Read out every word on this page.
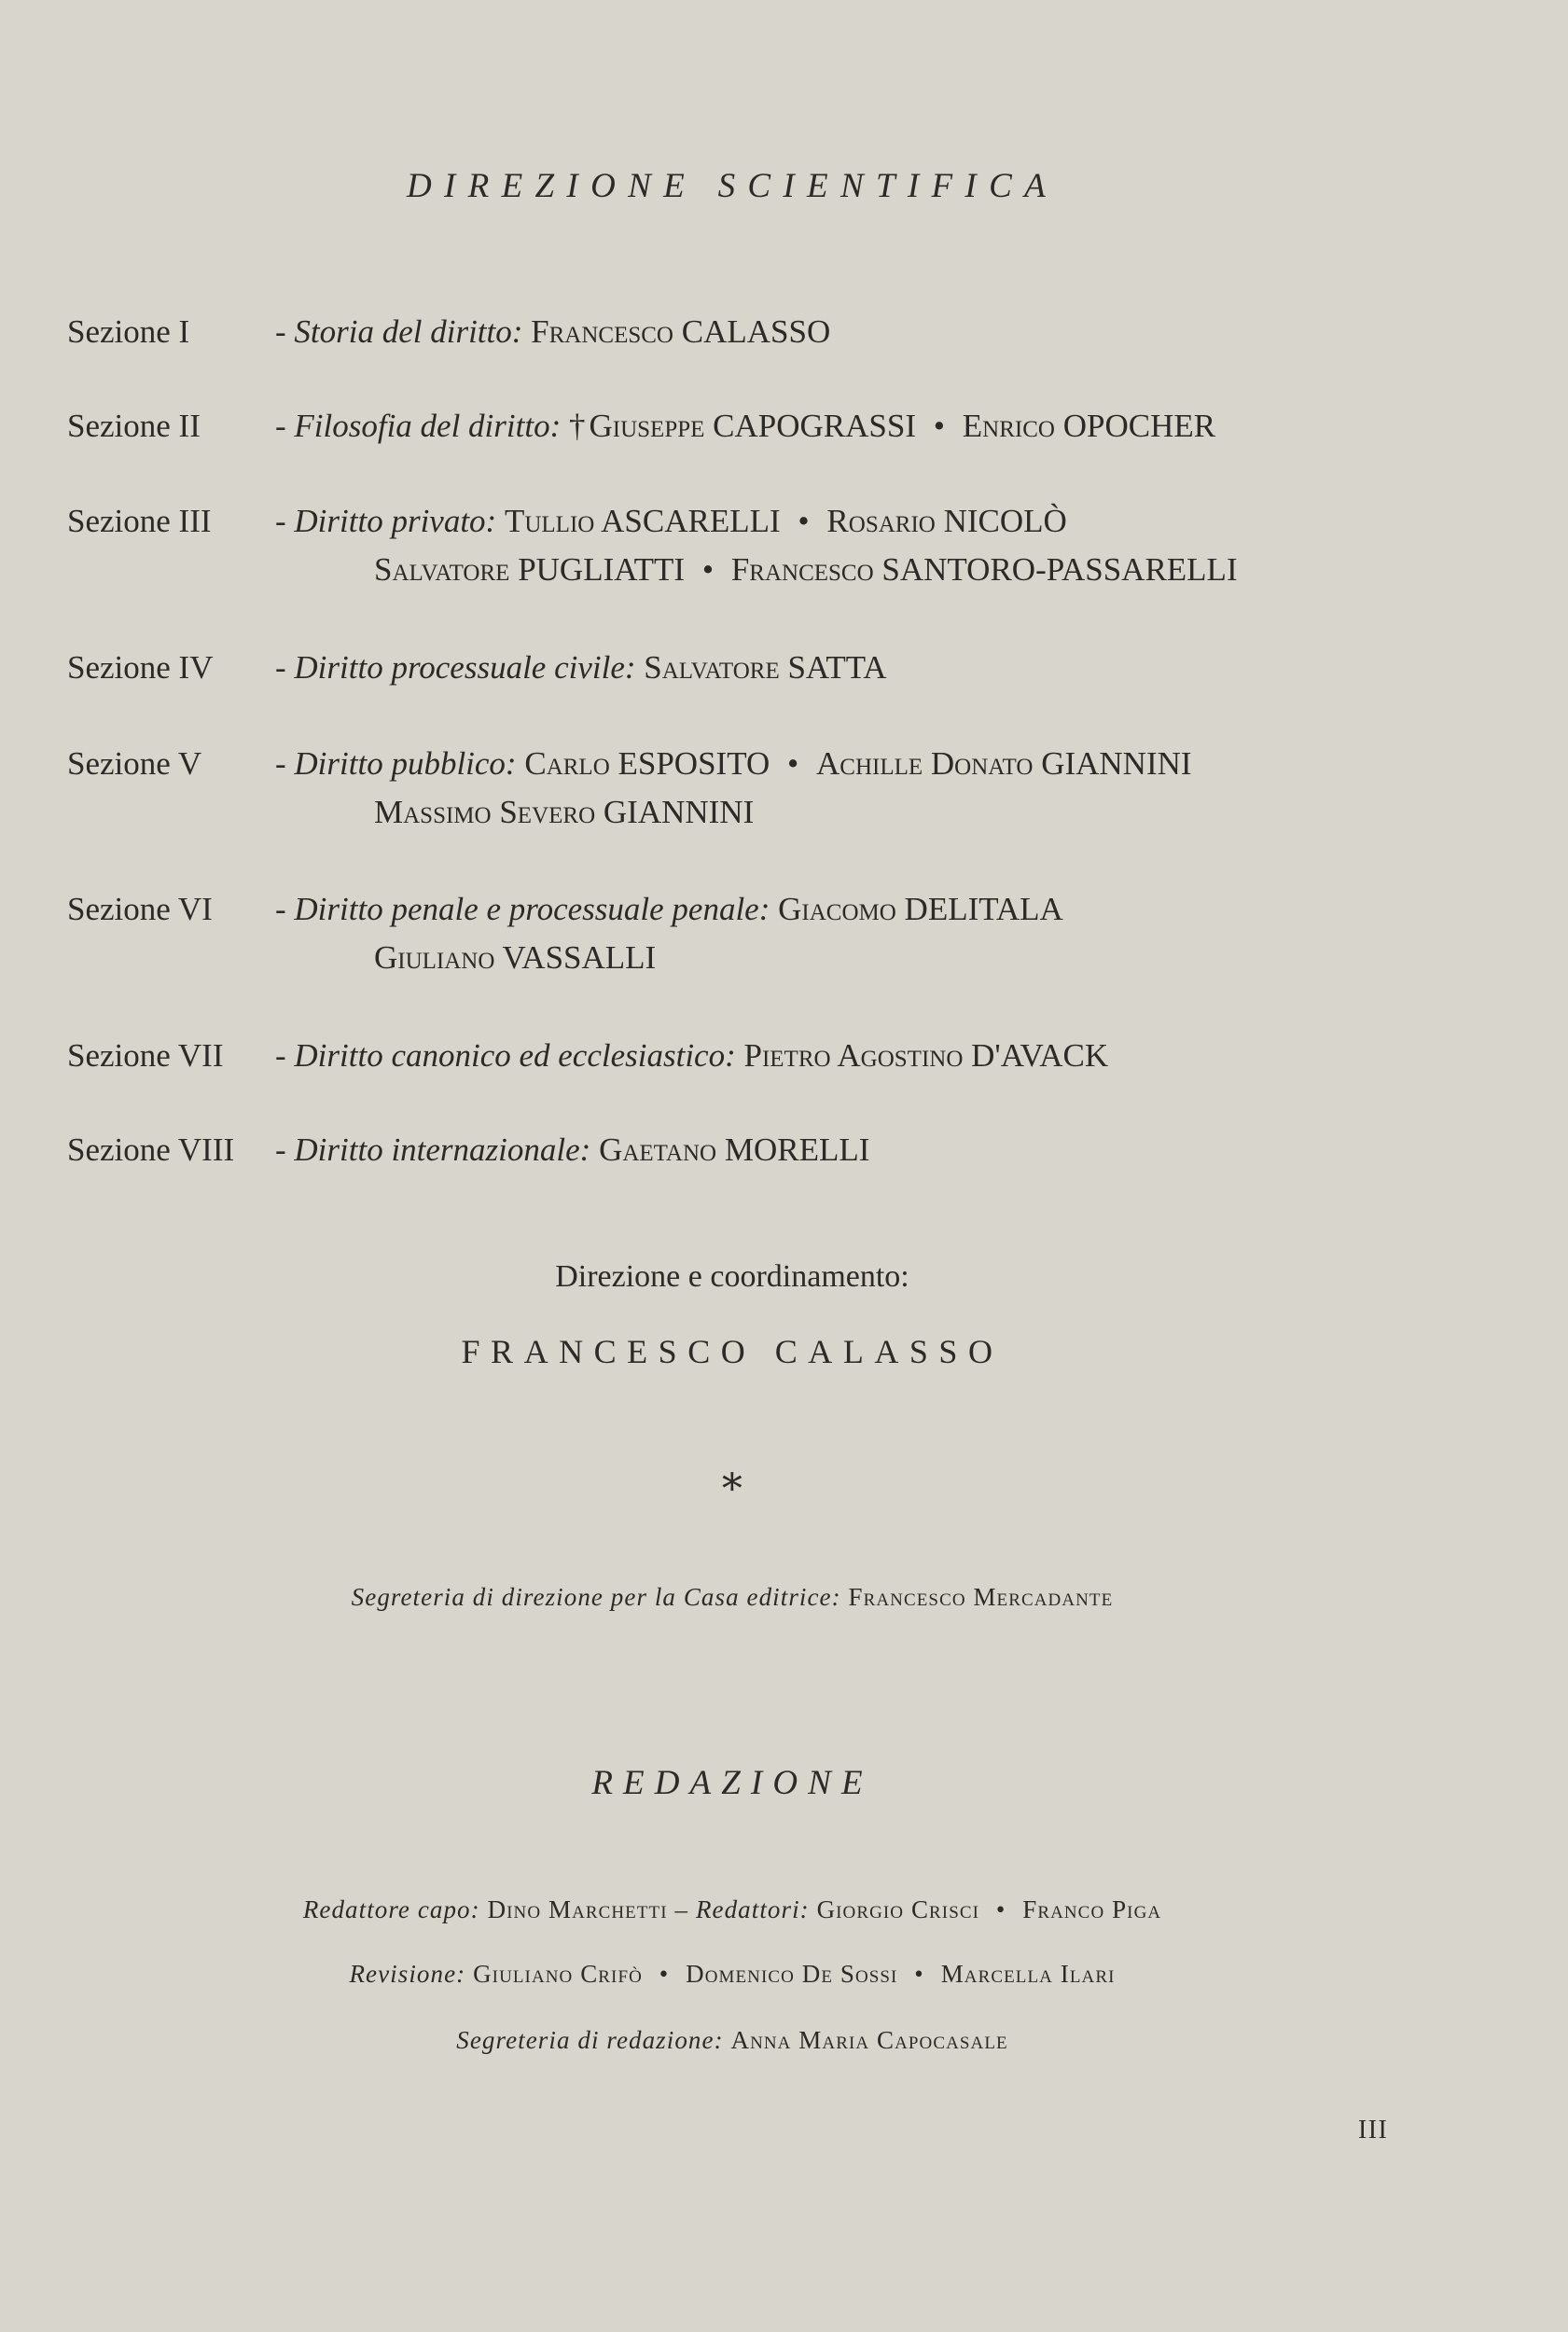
DIREZIONE SCIENTIFICA
Sezione I	- Storia del diritto: Francesco CALASSO
Sezione II - Filosofia del diritto: † Giuseppe CAPOGRASSI • Enrico OPOCHER
Sezione III - Diritto privato: Tullio ASCARELLI • Rosario NICOLÒ
Salvatore PUGLIATTI • Francesco SANTORO-PASSARELLI
Sezione IV - Diritto processuale civile: Salvatore SATTA
Sezione V - Diritto pubblico: Carlo ESPOSITO • Achille Donato GIANNINI
Massimo Severo GIANNINI
Sezione VI - Diritto penale e processuale penale: Giacomo DELITALA
Giuliano VASSALLI
Sezione VII - Diritto canonico ed ecclesiastico: Pietro Agostino D'AVACK
Sezione VIII - Diritto internazionale: Gaetano MORELLI
Direzione e coordinamento:
FRANCESCO CALASSO
∗
Segreteria di direzione per la Casa editrice: Francesco Mercadante
REDAZIONE
Redattore capo: Dino Marchetti – Redattori: Giorgio Crisci • Franco Piga
Revisione: Giuliano Crifò • Domenico De Sossi • Marcella Ilari
Segreteria di redazione: Anna Maria Capocasale
III
